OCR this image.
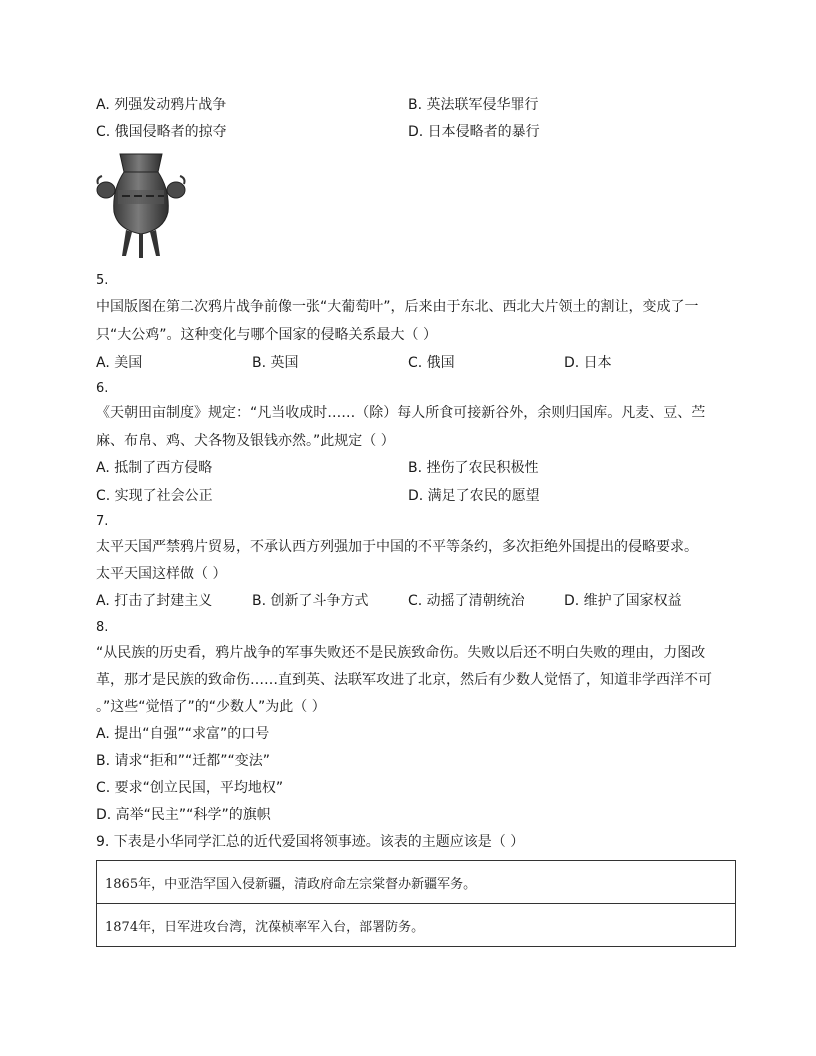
A. 列强发动鸦片战争	B. 英法联军侵华罪行
C. 俄国侵略者的掠夺	D. 日本侵略者的暴行
5.
中国版图在第二次鸦片战争前像一张“大葡萄叶”，后来由于东北、西北大片领土的割让，变成了一
只“大公鸡”。这种变化与哪个国家的侵略关系最大（ ）
A. 美国	B. 英国	C. 俄国	D. 日本
6.
《天朝田亩制度》规定：“凡当收成时……（除）每人所食可接新谷外，余则归国库。凡麦、豆、苎
麻、布帛、鸡、犬各物及银钱亦然。”此规定（ ）
A. 抵制了西方侵略	B. 挫伤了农民积极性
C. 实现了社会公正	D. 满足了农民的愿望
7.
太平天国严禁鸦片贸易，不承认西方列强加于中国的不平等条约，多次拒绝外国提出的侵略要求。
太平天国这样做（ ）
A. 打击了封建主义	B. 创新了斗争方式	C. 动摇了清朝统治	D. 维护了国家权益
8.
“从民族的历史看，鸦片战争的军事失败还不是民族致命伤。失败以后还不明白失败的理由，力图改
革，那才是民族的致命伤……直到英、法联军攻进了北京，然后有少数人觉悟了，知道非学西洋不可
。”这些“觉悟了”的“少数人”为此（ ）
A. 提出“自强”“求富”的口号
B. 请求“拒和”“迁都”“变法”
C. 要求“创立民国，平均地权”
D. 高举“民主”“科学”的旗帜
9. 下表是小华同学汇总的近代爱国将领事迹。该表的主题应该是（ ）
1865年，中亚浩罕国入侵新疆，清政府命左宗棠督办新疆军务。
1874年，日军进攻台湾，沈葆桢率军入台，部署防务。
